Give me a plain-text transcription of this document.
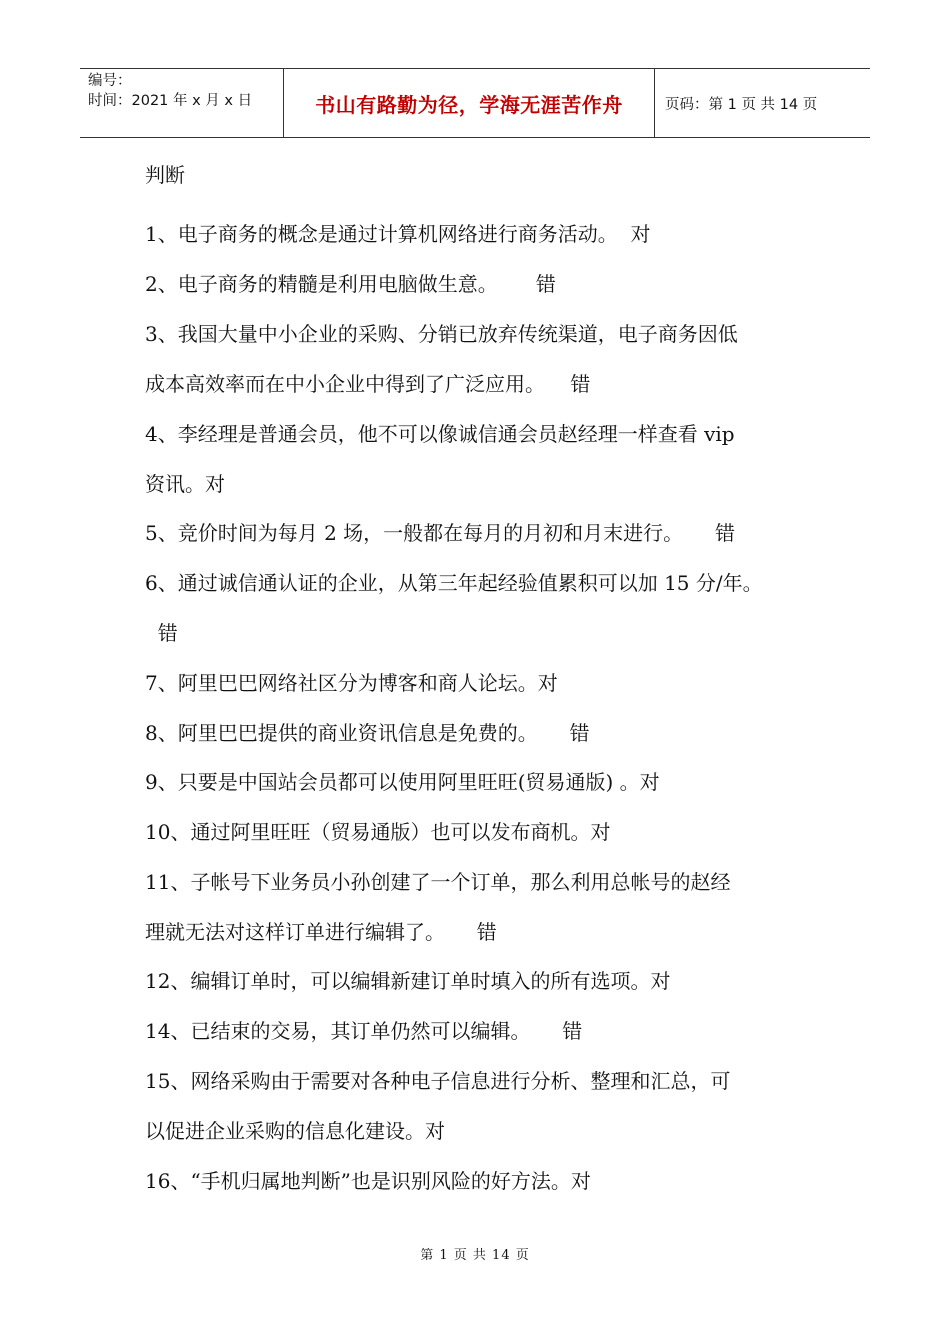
编号：
时间：2021 年 x 月 x 日	书山有路勤为径，学海无涯苦作舟	页码：第 1 页 共 14 页
判断
1、电子商务的概念是通过计算机网络进行商务活动。  对
2、电子商务的精髓是利用电脑做生意。      错
3、我国大量中小企业的采购、分销已放弃传统渠道，电子商务因低
成本高效率而在中小企业中得到了广泛应用。    错
4、李经理是普通会员，他不可以像诚信通会员赵经理一样查看 vip
资讯。对
5、竞价时间为每月 2 场，一般都在每月的月初和月末进行。     错
6、通过诚信通认证的企业，从第三年起经验值累积可以加 15 分/年。
错
7、阿里巴巴网络社区分为博客和商人论坛。对
8、阿里巴巴提供的商业资讯信息是免费的。     错
9、只要是中国站会员都可以使用阿里旺旺(贸易通版) 。对
10、通过阿里旺旺（贸易通版）也可以发布商机。对
11、子帐号下业务员小孙创建了一个订单，那么利用总帐号的赵经
理就无法对这样订单进行编辑了。     错
12、编辑订单时，可以编辑新建订单时填入的所有选项。对
14、已结束的交易，其订单仍然可以编辑。     错
15、网络采购由于需要对各种电子信息进行分析、整理和汇总，可
以促进企业采购的信息化建设。对
16、“手机归属地判断”也是识别风险的好方法。对
第 1 页 共 14 页
